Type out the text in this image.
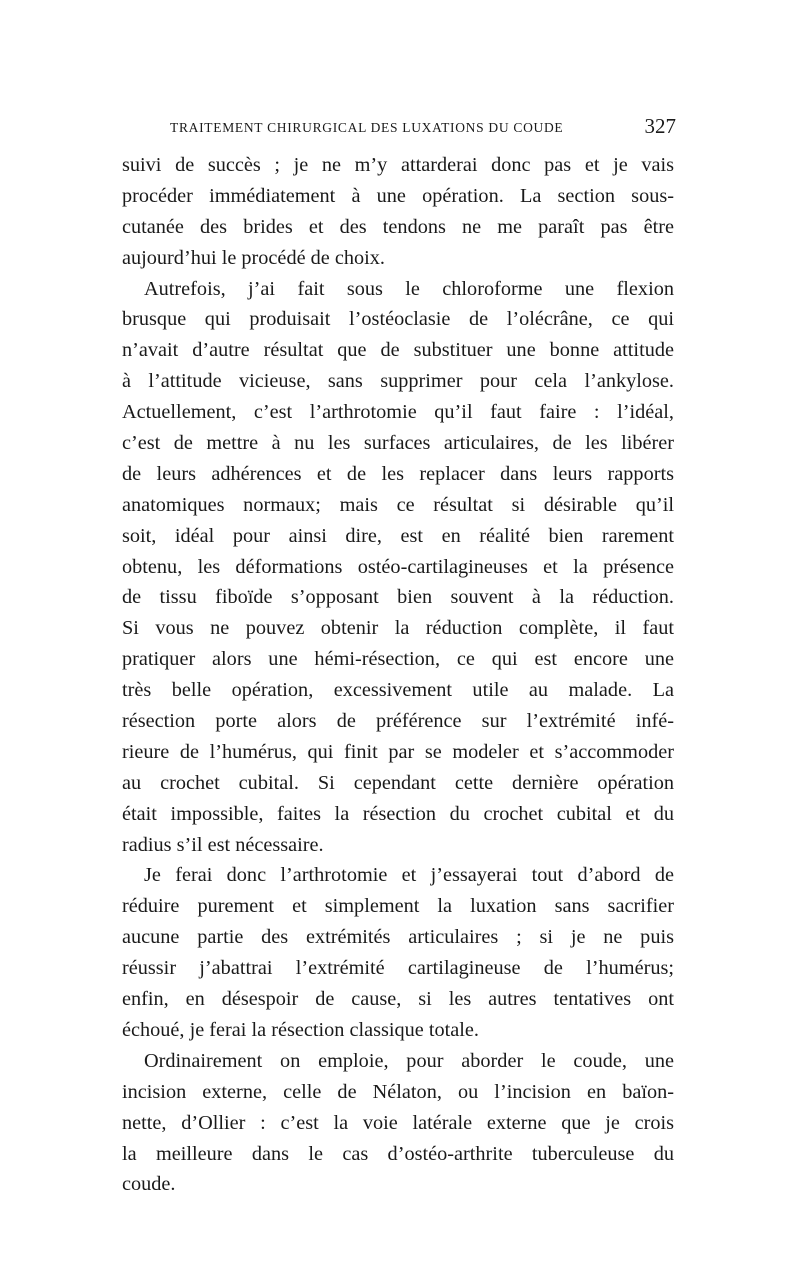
TRAITEMENT CHIRURGICAL DES LUXATIONS DU COUDE	327
suivi de succès ; je ne m’y attarderai donc pas et je vais
procéder immédiatement à une opération. La section sous-
cutanée des brides et des tendons ne me paraît pas être
aujourd’hui le procédé de choix.
Autrefois, j’ai fait sous le chloroforme une flexion
brusque qui produisait l’ostéoclasie de l’olécrâne, ce qui
n’avait d’autre résultat que de substituer une bonne attitude
à l’attitude vicieuse, sans supprimer pour cela l’ankylose.
Actuellement, c’est l’arthrotomie qu’il faut faire : l’idéal,
c’est de mettre à nu les surfaces articulaires, de les libérer
de leurs adhérences et de les replacer dans leurs rapports
anatomiques normaux; mais ce résultat si désirable qu’il
soit, idéal pour ainsi dire, est en réalité bien rarement
obtenu, les déformations ostéo-cartilagineuses et la présence
de tissu fiboïde s’opposant bien souvent à la réduction.
Si vous ne pouvez obtenir la réduction complète, il faut
pratiquer alors une hémi-résection, ce qui est encore une
très belle opération, excessivement utile au malade. La
résection porte alors de préférence sur l’extrémité infé-
rieure de l’humérus, qui finit par se modeler et s’accommoder
au crochet cubital. Si cependant cette dernière opération
était impossible, faites la résection du crochet cubital et du
radius s’il est nécessaire.
Je ferai donc l’arthrotomie et j’essayerai tout d’abord de
réduire purement et simplement la luxation sans sacrifier
aucune partie des extrémités articulaires ; si je ne puis
réussir j’abattrai l’extrémité cartilagineuse de l’humérus;
enfin, en désespoir de cause, si les autres tentatives ont
échoué, je ferai la résection classique totale.
Ordinairement on emploie, pour aborder le coude, une
incision externe, celle de Nélaton, ou l’incision en baïon-
nette, d’Ollier : c’est la voie latérale externe que je crois
la meilleure dans le cas d’ostéo-arthrite tuberculeuse du
coude.
